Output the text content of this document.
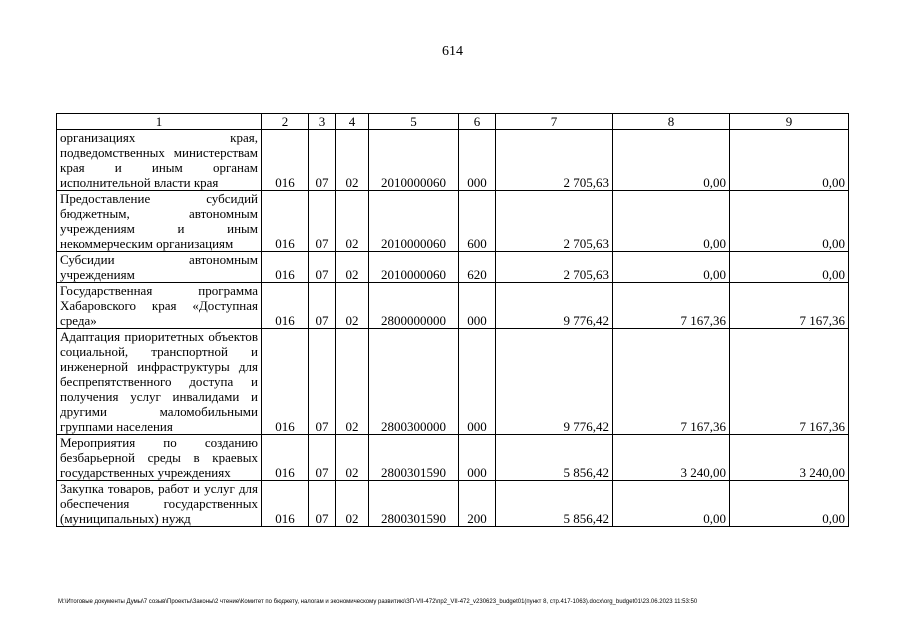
614
1	2	3	4	5	6	7	8	9
организациях края, подведомственных министерствам края и иным органам исполнительной власти края	016	07	02	2010000060	000	2 705,63	0,00	0,00
Предоставление субсидий бюджетным, автономным учреждениям и иным некоммерческим организациям	016	07	02	2010000060	600	2 705,63	0,00	0,00
Субсидии автономным учреждениям	016	07	02	2010000060	620	2 705,63	0,00	0,00
Государственная программа Хабаровского края «Доступная среда»	016	07	02	2800000000	000	9 776,42	7 167,36	7 167,36
Адаптация приоритетных объектов социальной, транспортной и инженерной инфраструктуры для беспрепятственного доступа и получения услуг инвалидами и другими маломобильными группами населения	016	07	02	2800300000	000	9 776,42	7 167,36	7 167,36
Мероприятия по созданию безбарьерной среды в краевых государственных учреждениях	016	07	02	2800301590	000	5 856,42	3 240,00	3 240,00
Закупка товаров, работ и услуг для обеспечения государственных (муниципальных) нужд	016	07	02	2800301590	200	5 856,42	0,00	0,00
M:\Итоговые документы Думы\7 созыв\Проекты\Законы\2 чтение\Комитет по бюджету, налогам и экономическому развитию\ЗП-VII-472\пр2_VII-472_v230623_budget01(пункт 8, стр.417-1063).docx\org_budget01\23.06.2023 11:53:50
